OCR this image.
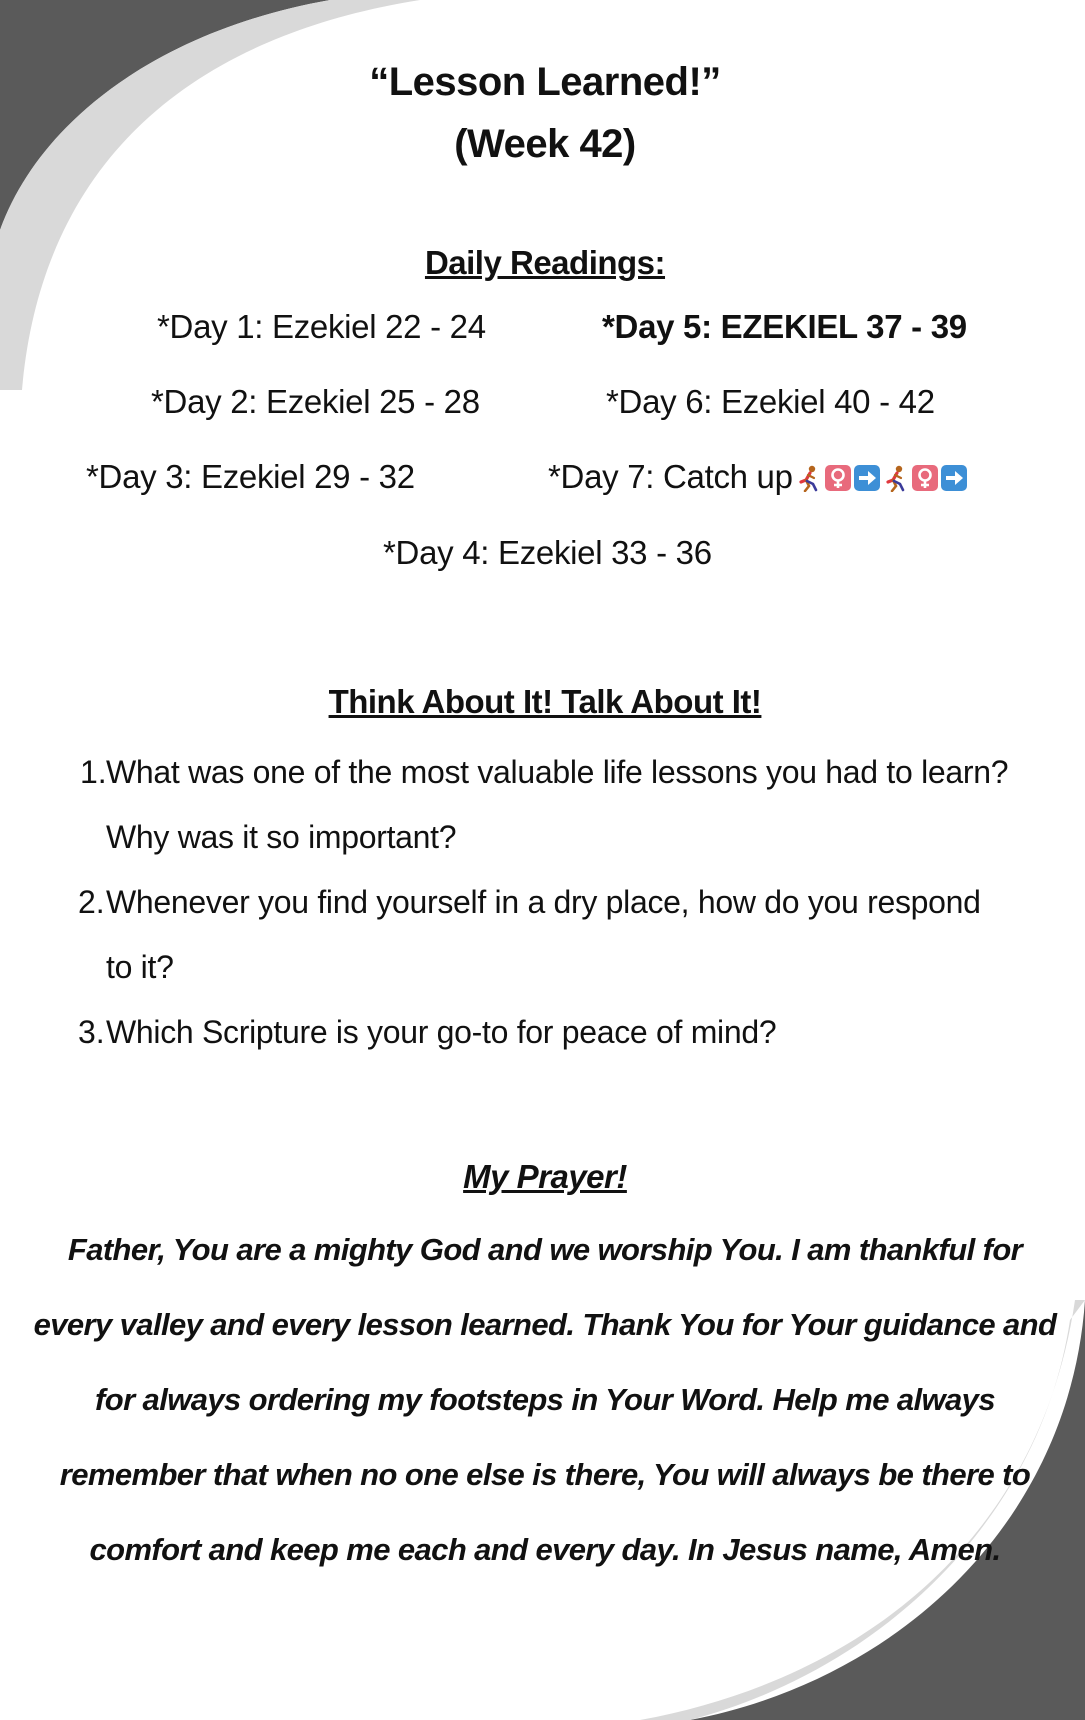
“Lesson Learned!”
(Week 42)
Daily Readings:
*Day 1: Ezekiel 22 - 24	*Day 5: EZEKIEL 37 - 39
*Day 2: Ezekiel 25 - 28	*Day 6: Ezekiel 40 - 42
*Day 3: Ezekiel 29 - 32	*Day 7: Catch up
*Day 4: Ezekiel 33 - 36
Think About It! Talk About It!
1. What was one of the most valuable life lessons you had to learn?
Why was it so important?
2. Whenever you find yourself in a dry place, how do you respond
to it?
3. Which Scripture is your go-to for peace of mind?
My Prayer!
Father, You are a mighty God and we worship You. I am thankful for
every valley and every lesson learned. Thank You for Your guidance and
for always ordering my footsteps in Your Word. Help me always
remember that when no one else is there, You will always be there to
comfort and keep me each and every day. In Jesus name, Amen.
